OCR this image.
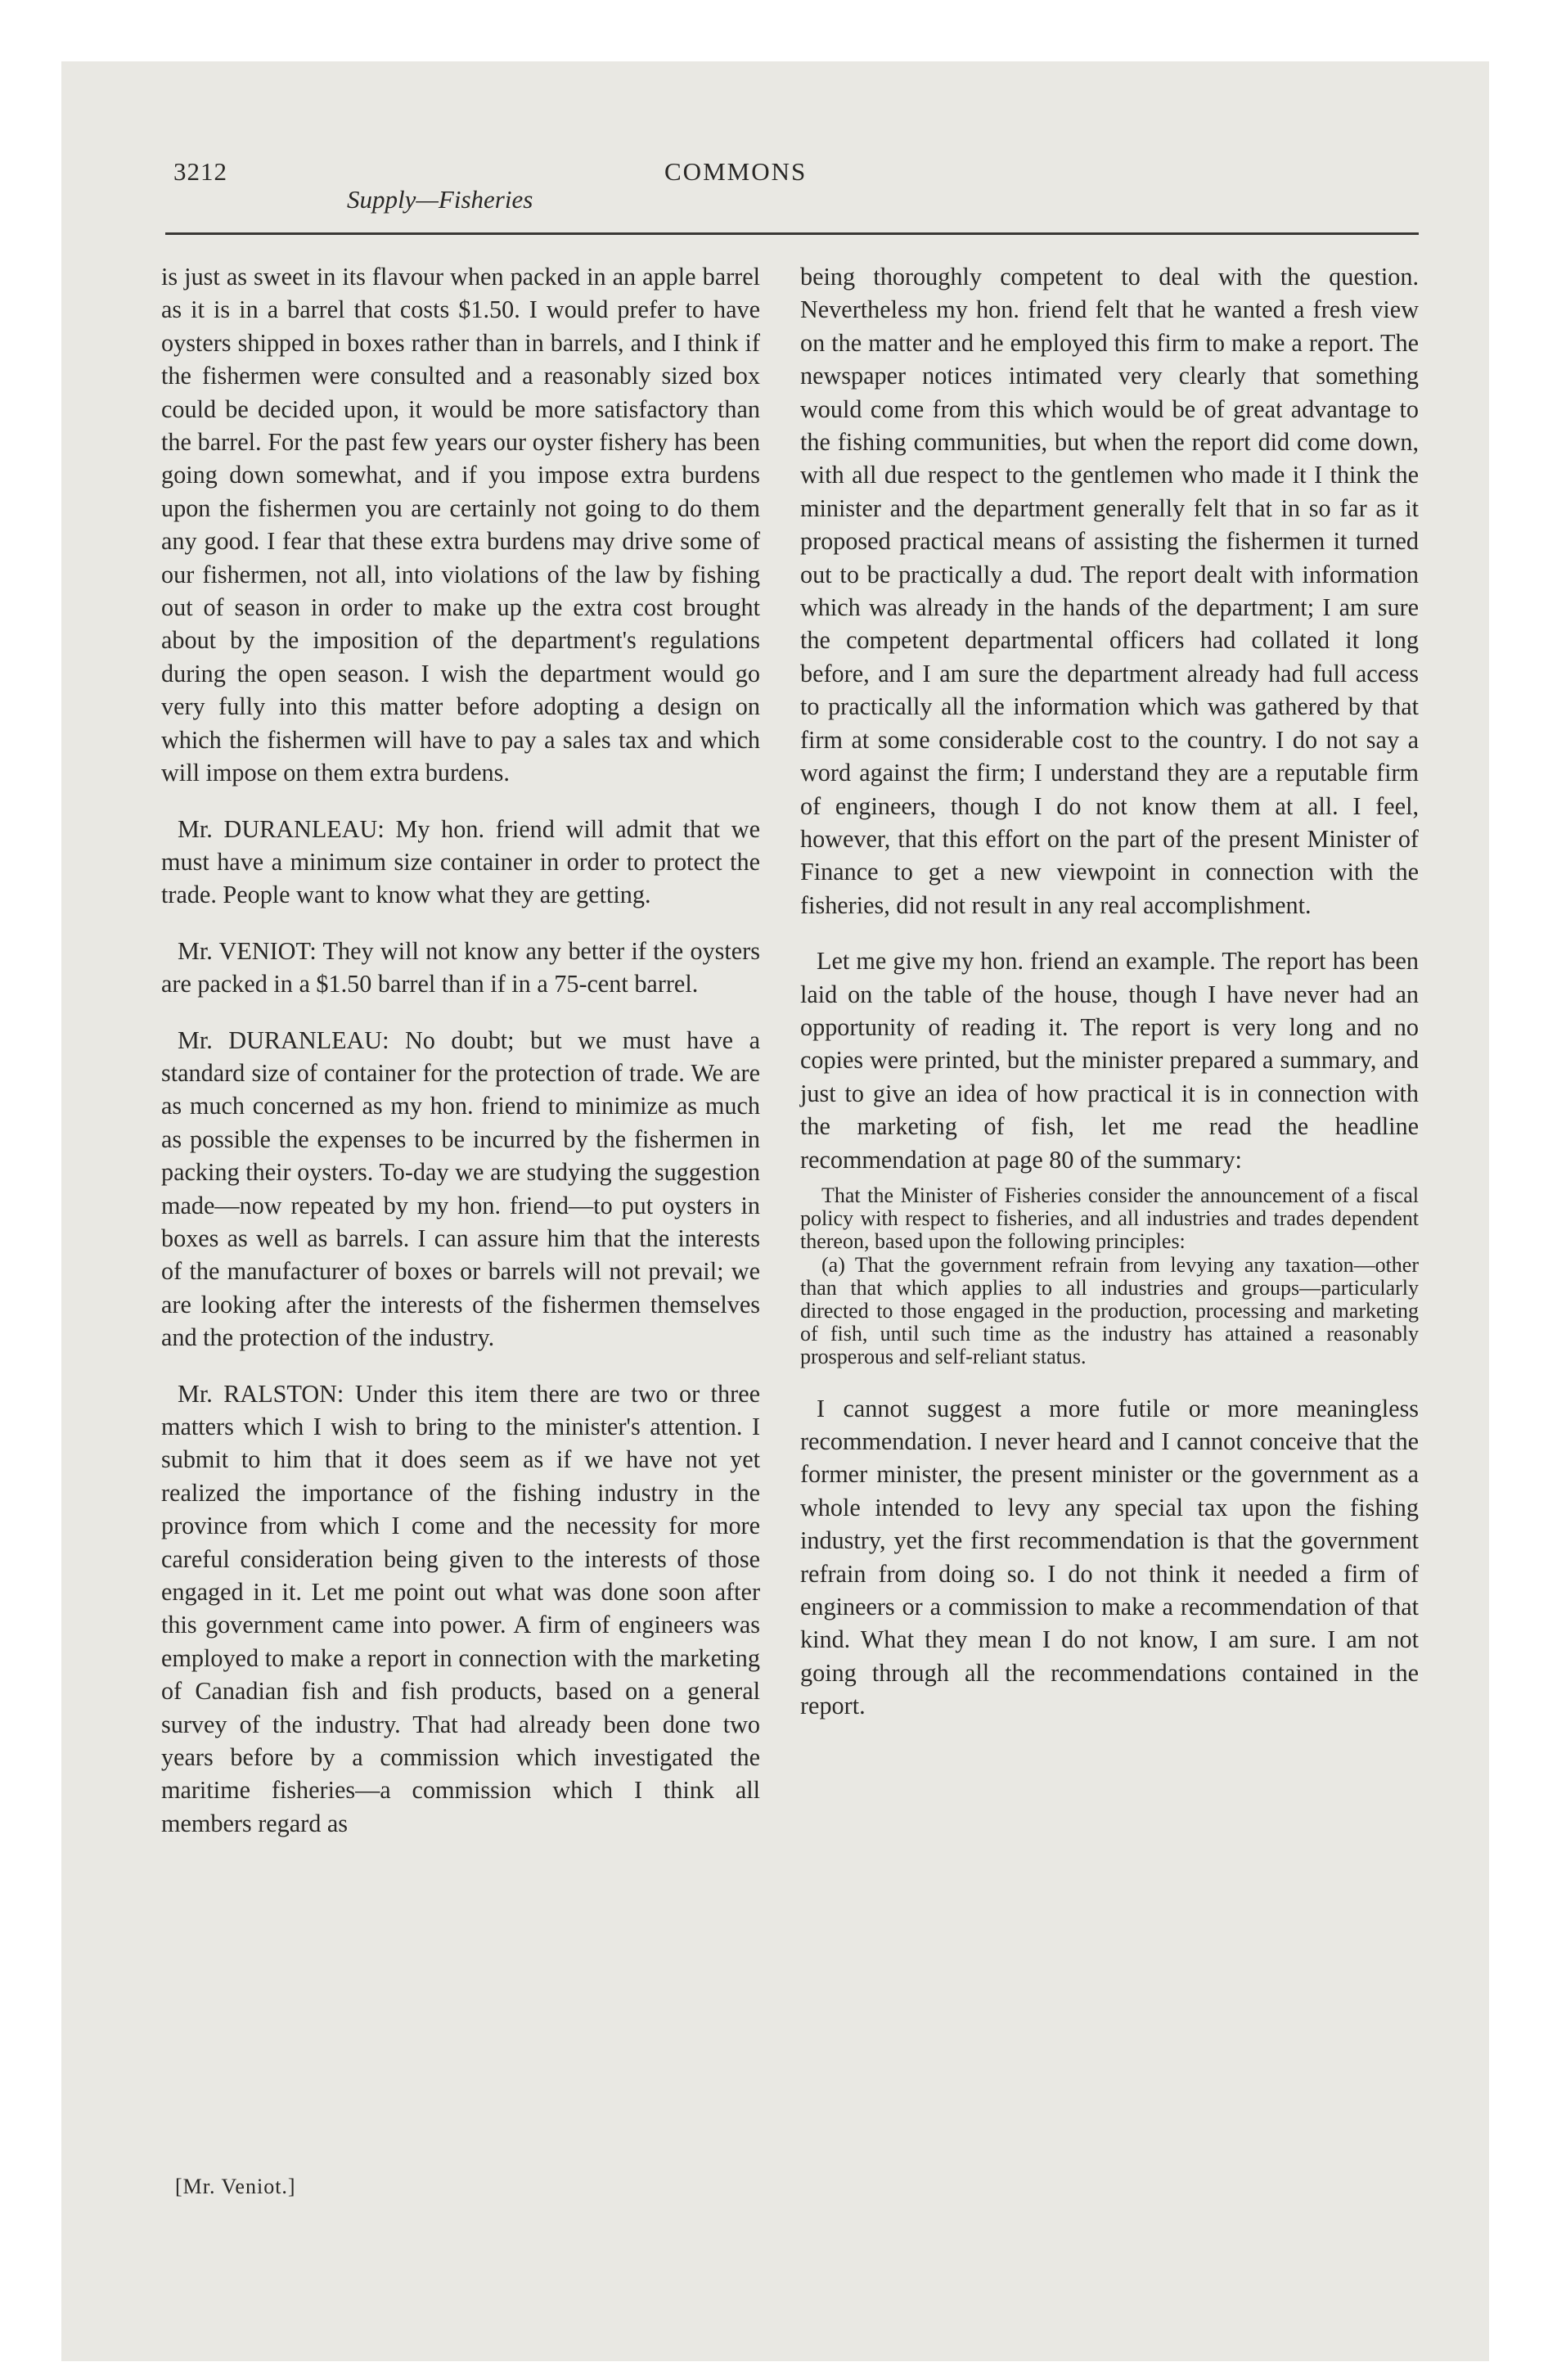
3212	COMMONS
Supply—Fisheries

is just as sweet in its flavour when packed in an apple barrel as it is in a barrel that costs $1.50. I would prefer to have oysters shipped in boxes rather than in barrels, and I think if the fishermen were consulted and a reasonably sized box could be decided upon, it would be more satisfactory than the barrel. For the past few years our oyster fishery has been going down somewhat, and if you impose extra burdens upon the fishermen you are certainly not going to do them any good. I fear that these extra burdens may drive some of our fishermen, not all, into violations of the law by fishing out of season in order to make up the extra cost brought about by the imposition of the department's regulations during the open season. I wish the department would go very fully into this matter before adopting a design on which the fishermen will have to pay a sales tax and which will impose on them extra burdens.

Mr. DURANLEAU: My hon. friend will admit that we must have a minimum size container in order to protect the trade. People want to know what they are getting.

Mr. VENIOT: They will not know any better if the oysters are packed in a $1.50 barrel than if in a 75-cent barrel.

Mr. DURANLEAU: No doubt; but we must have a standard size of container for the protection of trade. We are as much concerned as my hon. friend to minimize as much as possible the expenses to be incurred by the fishermen in packing their oysters. To-day we are studying the suggestion made—now repeated by my hon. friend—to put oysters in boxes as well as barrels. I can assure him that the interests of the manufacturer of boxes or barrels will not prevail; we are looking after the interests of the fishermen themselves and the protection of the industry.

Mr. RALSTON: Under this item there are two or three matters which I wish to bring to the minister's attention. I submit to him that it does seem as if we have not yet realized the importance of the fishing industry in the province from which I come and the necessity for more careful consideration being given to the interests of those engaged in it. Let me point out what was done soon after this government came into power. A firm of engineers was employed to make a report in connection with the marketing of Canadian fish and fish products, based on a general survey of the industry. That had already been done two years before by a commission which investigated the maritime fisheries—a commission which I think all members regard as

being thoroughly competent to deal with the question. Nevertheless my hon. friend felt that he wanted a fresh view on the matter and he employed this firm to make a report. The newspaper notices intimated very clearly that something would come from this which would be of great advantage to the fishing communities, but when the report did come down, with all due respect to the gentlemen who made it I think the minister and the department generally felt that in so far as it proposed practical means of assisting the fishermen it turned out to be practically a dud. The report dealt with information which was already in the hands of the department; I am sure the competent departmental officers had collated it long before, and I am sure the department already had full access to practically all the information which was gathered by that firm at some considerable cost to the country. I do not say a word against the firm; I understand they are a reputable firm of engineers, though I do not know them at all. I feel, however, that this effort on the part of the present Minister of Finance to get a new viewpoint in connection with the fisheries, did not result in any real accomplishment.

Let me give my hon. friend an example. The report has been laid on the table of the house, though I have never had an opportunity of reading it. The report is very long and no copies were printed, but the minister prepared a summary, and just to give an idea of how practical it is in connection with the marketing of fish, let me read the headline recommendation at page 80 of the summary:

That the Minister of Fisheries consider the announcement of a fiscal policy with respect to fisheries, and all industries and trades dependent thereon, based upon the following principles:

(a) That the government refrain from levying any taxation—other than that which applies to all industries and groups—particularly directed to those engaged in the production, processing and marketing of fish, until such time as the industry has attained a reasonably prosperous and self-reliant status.

I cannot suggest a more futile or more meaningless recommendation. I never heard and I cannot conceive that the former minister, the present minister or the government as a whole intended to levy any special tax upon the fishing industry, yet the first recommendation is that the government refrain from doing so. I do not think it needed a firm of engineers or a commission to make a recommendation of that kind. What they mean I do not know, I am sure. I am not going through all the recommendations contained in the report.

[Mr. Veniot.]
